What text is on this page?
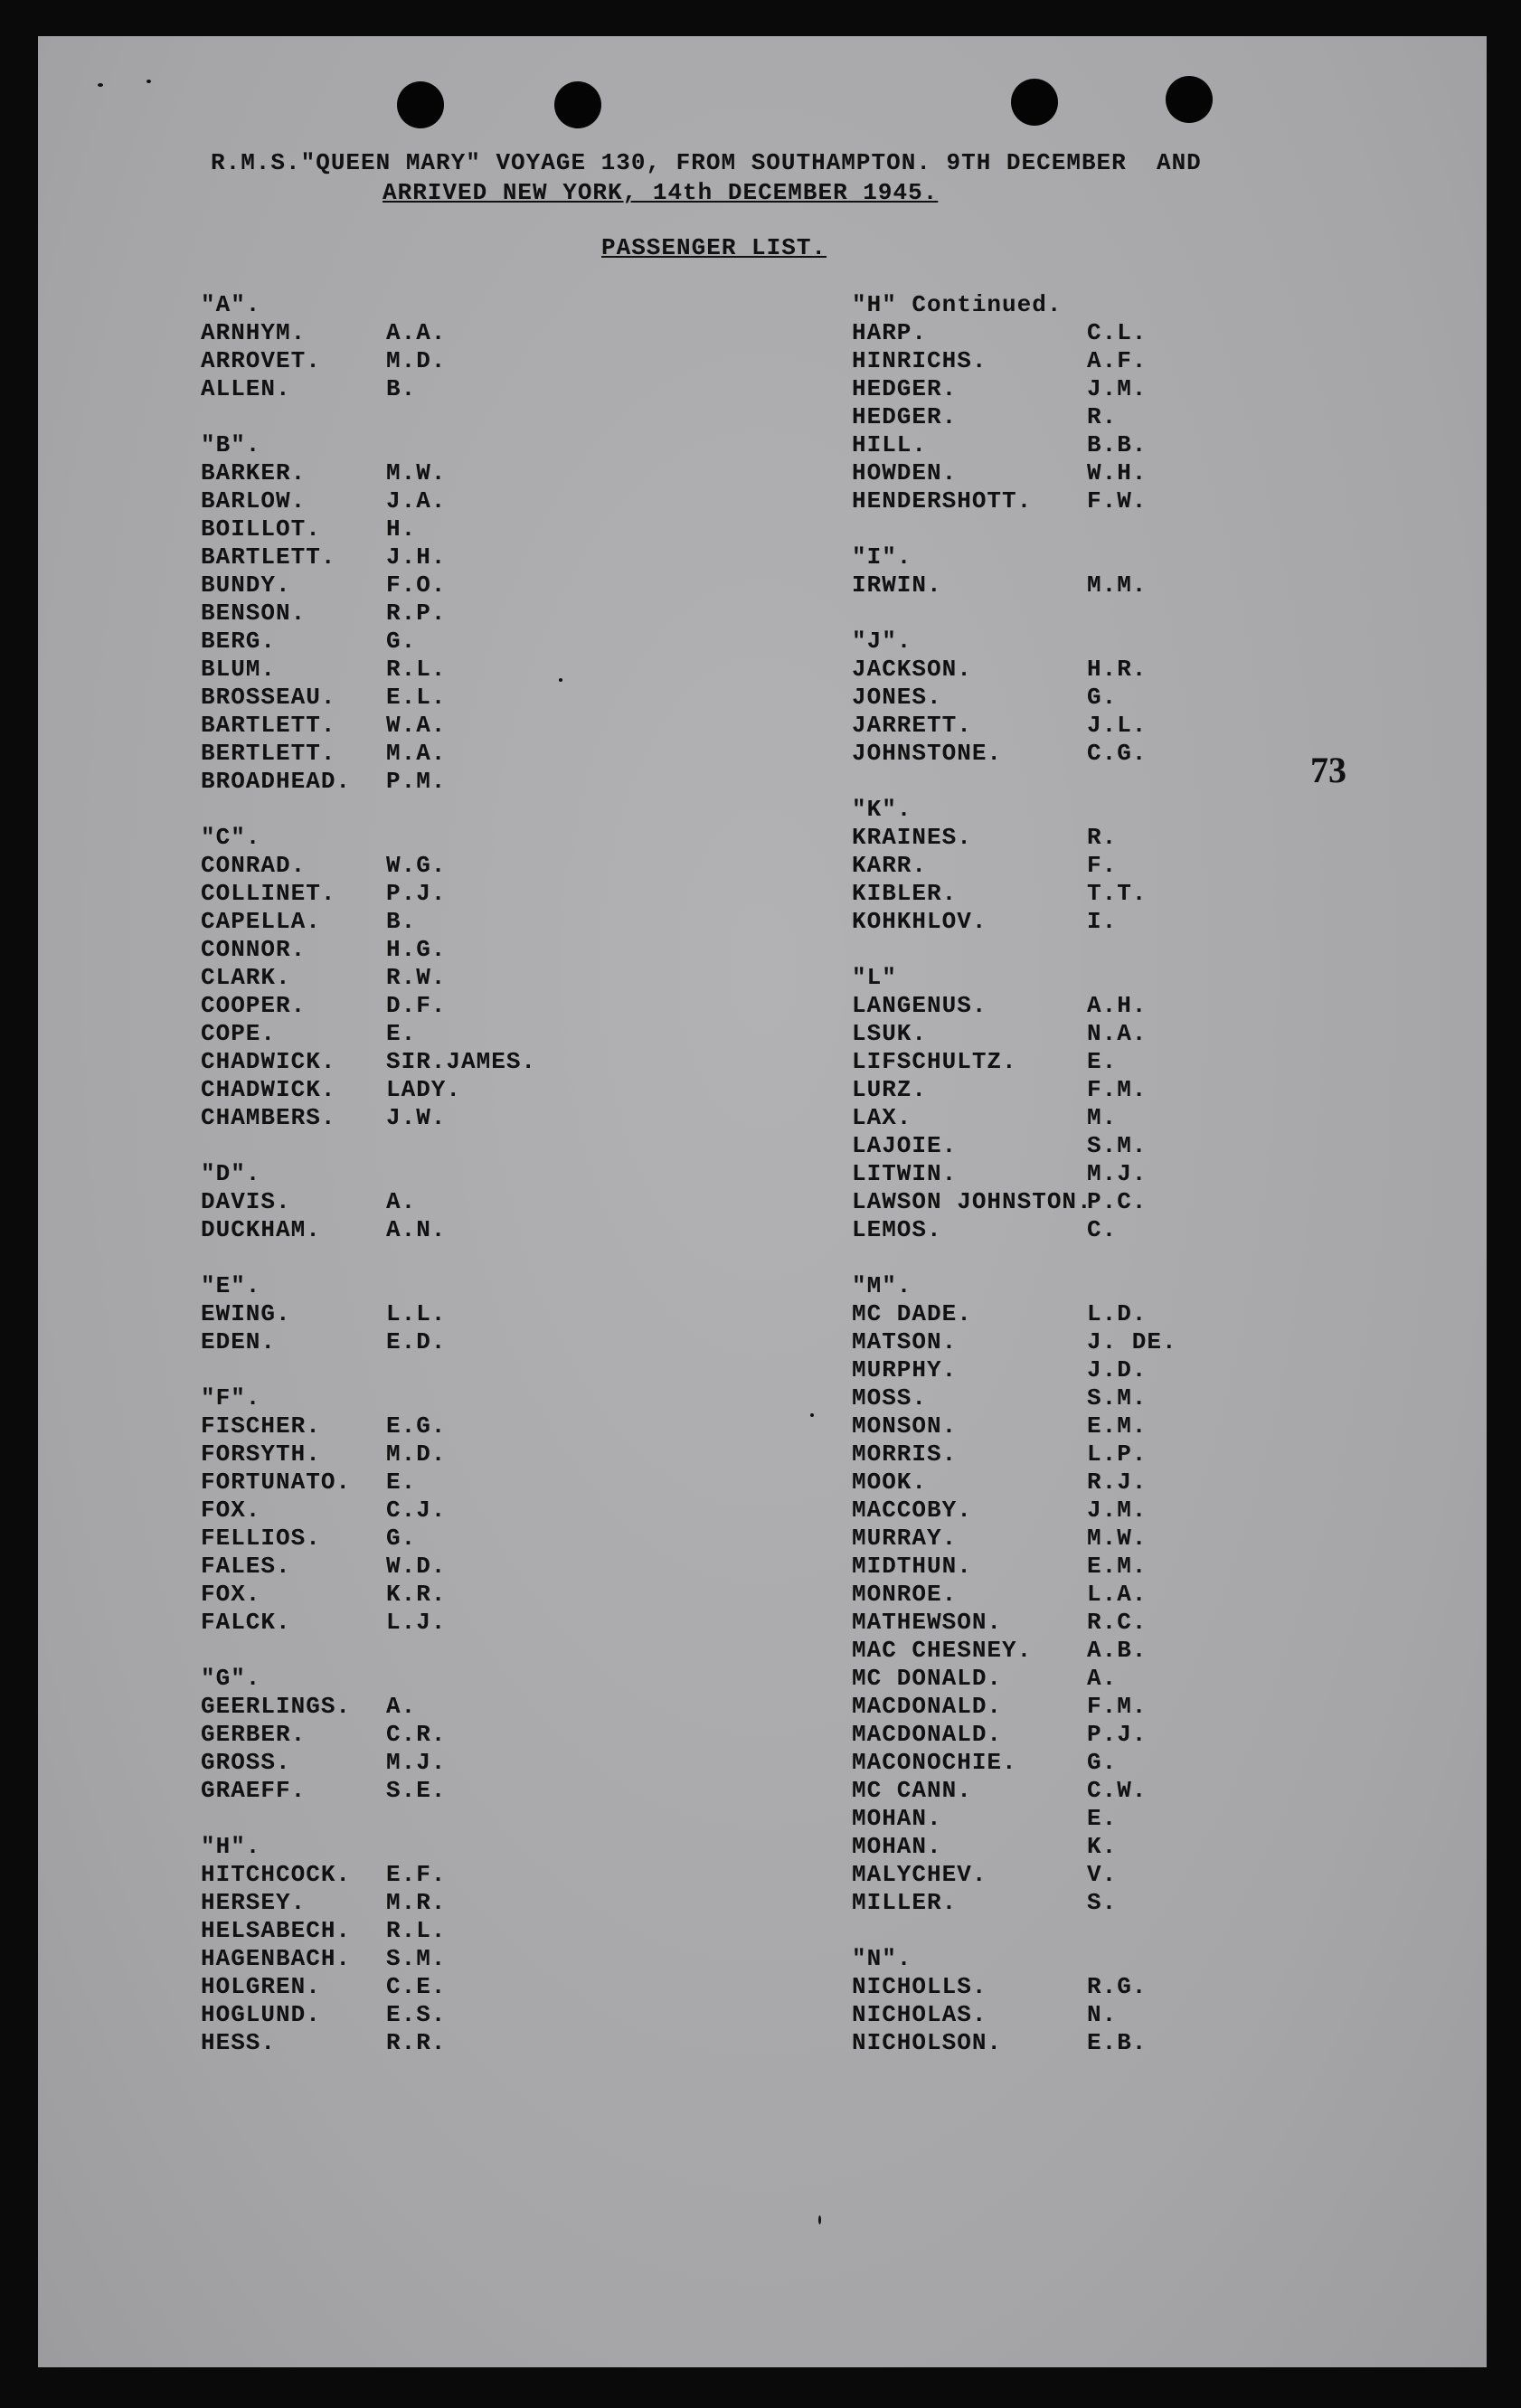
R.M.S."QUEEN MARY" VOYAGE 130, FROM SOUTHAMPTON. 9TH DECEMBER  AND
ARRIVED NEW YORK, 14th DECEMBER 1945.
PASSENGER LIST.
73
"A".
ARNHYM.	A.A.
ARROVET.	M.D.
ALLEN.	B.
"B".
BARKER.	M.W.
BARLOW.	J.A.
BOILLOT.	H.
BARTLETT. J.H.
BUNDY.	F.O.
BENSON.	R.P.
BERG.	G.
BLUM.	R.L.
BROSSEAU. E.L.
BARTLETT. W.A.
BERTLETT. M.A.
BROADHEAD. P.M.
"C".
CONRAD.	W.G.
COLLINET. P.J.
CAPELLA.	B.
CONNOR.	H.G.
CLARK.	R.W.
COOPER.	D.F.
COPE.	E.
CHADWICK. SIR.JAMES.
CHADWICK. LADY.
CHAMBERS. J.W.
"D".
DAVIS.	A.
DUCKHAM.	A.N.
"E".
EWING.	L.L.
EDEN.	E.D.
"F".
FISCHER.	E.G.
FORSYTH.	M.D.
FORTUNATO. E.
FOX.	C.J.
FELLIOS.	G.
FALES.	W.D.
FOX.	K.R.
FALCK.	L.J.
"G".
GEERLINGS. A.
GERBER.	C.R.
GROSS.	M.J.
GRAEFF.	S.E.
"H".
HITCHCOCK. E.F.
HERSEY.	M.R.
HELSABECH. R.L.
HAGENBACH. S.M.
HOLGREN.	C.E.
HOGLUND.	E.S.
HESS.	R.R.
"H" Continued.
HARP.	C.L.
HINRICHS.	A.F.
HEDGER.	J.M.
HEDGER.	R.
HILL.	B.B.
HOWDEN.	W.H.
HENDERSHOTT. F.W.
"I".
IRWIN.	M.M.
"J".
JACKSON.	H.R.
JONES.	G.
JARRETT.	J.L.
JOHNSTONE.	C.G.
"K".
KRAINES.	R.
KARR.	F.
KIBLER.	T.T.
KOHKHLOV.	I.
"L"
LANGENUS.	A.H.
LSUK.	N.A.
LIFSCHULTZ.	E.
LURZ.	F.M.
LAX.	M.
LAJOIE.	S.M.
LITWIN.	M.J.
LAWSON JOHNSTON.P.C.
LEMOS.	C.
"M".
MC DADE.	L.D.
MATSON.	J. DE.
MURPHY.	J.D.
MOSS.	S.M.
MONSON.	E.M.
MORRIS.	L.P.
MOOK.	R.J.
MACCOBY.	J.M.
MURRAY.	M.W.
MIDTHUN.	E.M.
MONROE.	L.A.
MATHEWSON.	R.C.
MAC CHESNEY. A.B.
MC DONALD.	A.
MACDONALD.	F.M.
MACDONALD.	P.J.
MACONOCHIE.	G.
MC CANN.	C.W.
MOHAN.	E.
MOHAN.	K.
MALYCHEV.	V.
MILLER.	S.
"N".
NICHOLLS.	R.G.
NICHOLAS.	N.
NICHOLSON.	E.B.
